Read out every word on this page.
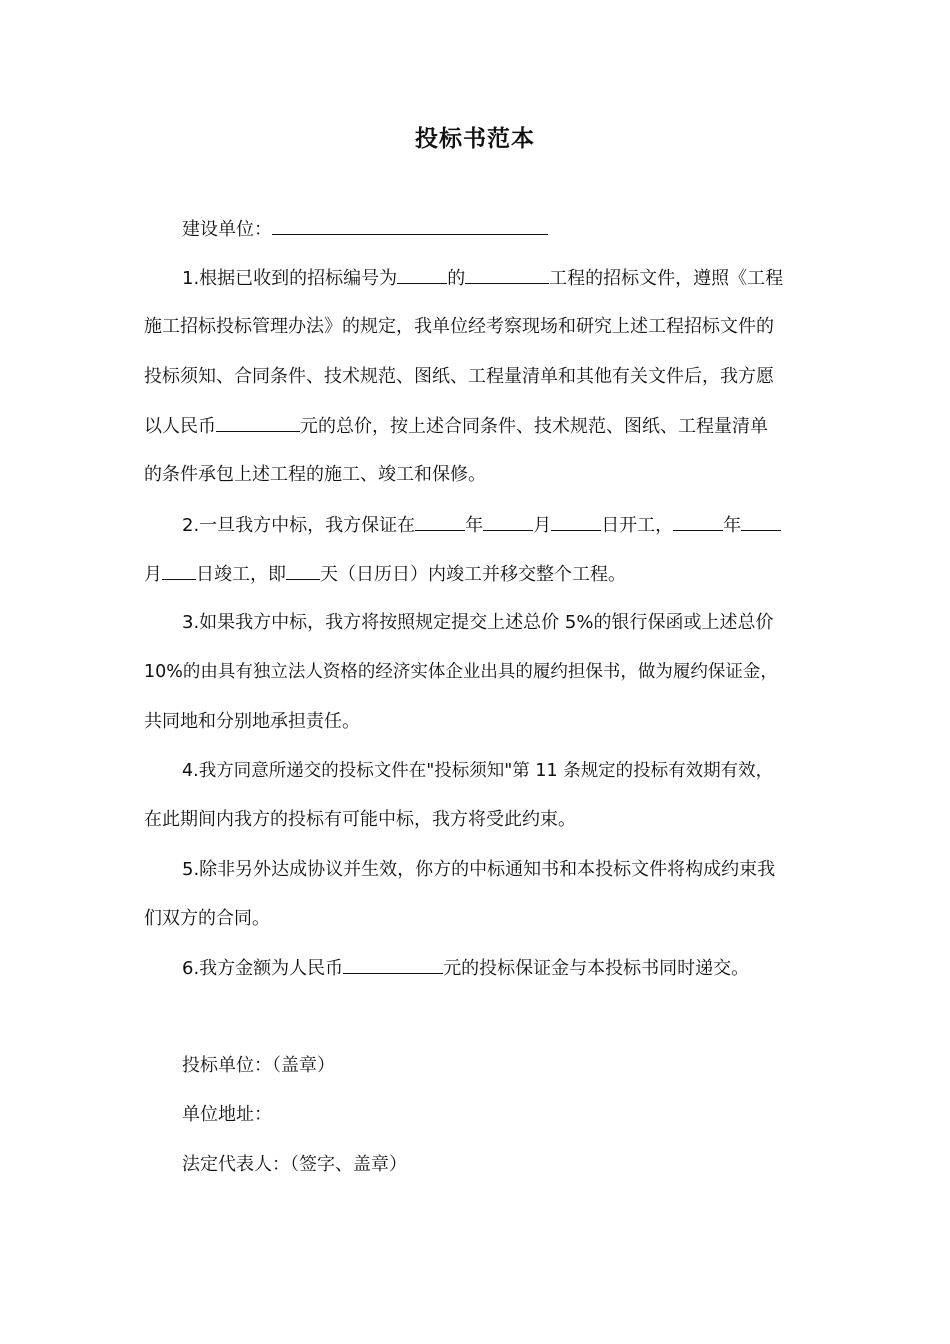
投标书范本
建设单位：
1.根据已收到的招标编号为	的	工程的招标文件，遵照《工程
施工招标投标管理办法》的规定，我单位经考察现场和研究上述工程招标文件的
投标须知、合同条件、技术规范、图纸、工程量清单和其他有关文件后，我方愿
以人民币	元的总价，按上述合同条件、技术规范、图纸、工程量清单
的条件承包上述工程的施工、竣工和保修。
2.一旦我方中标，我方保证在	年	月	日开工，	年
月 日竣工，即 天（日历日）内竣工并移交整个工程。
3.如果我方中标，我方将按照规定提交上述总价 5%的银行保函或上述总价
10%的由具有独立法人资格的经济实体企业出具的履约担保书，做为履约保证金，
共同地和分别地承担责任。
4.我方同意所递交的投标文件在"投标须知"第 11 条规定的投标有效期有效，
在此期间内我方的投标有可能中标，我方将受此约束。
5.除非另外达成协议并生效，你方的中标通知书和本投标文件将构成约束我
们双方的合同。
6.我方金额为人民币	元的投标保证金与本投标书同时递交。
投标单位：（盖章）
单位地址：
法定代表人：（签字、盖章）
